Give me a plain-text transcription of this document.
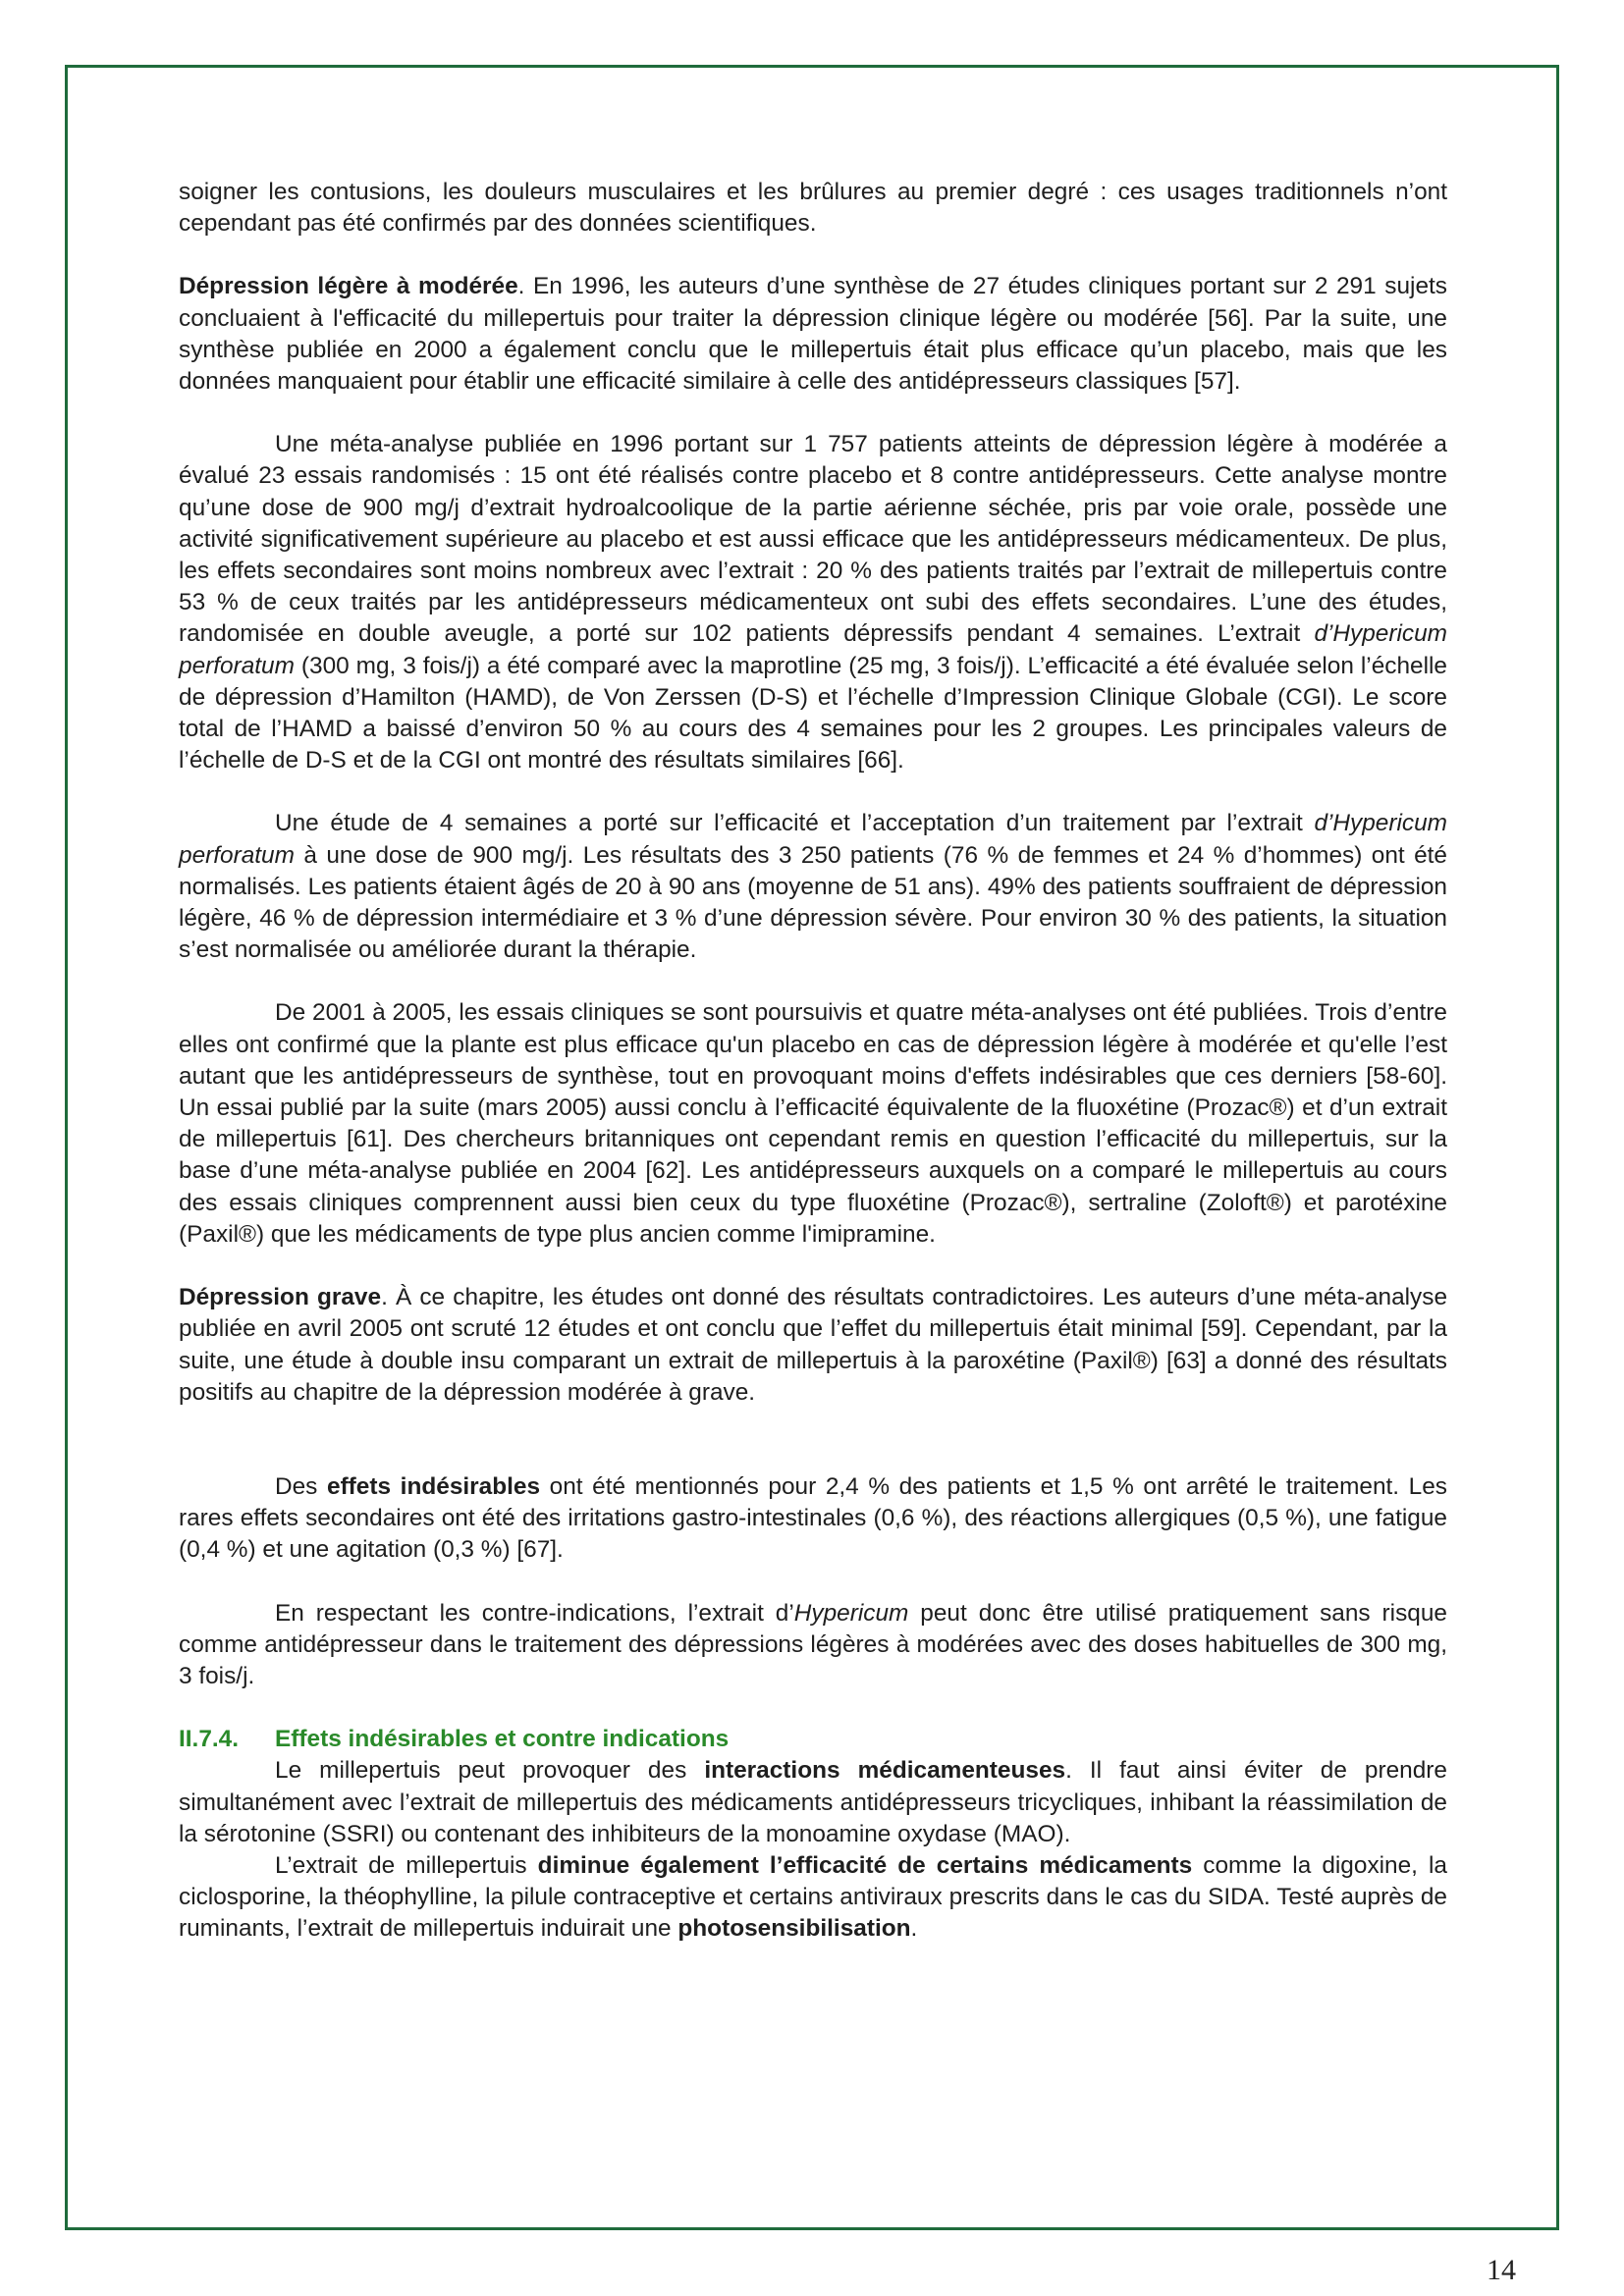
soigner les contusions, les douleurs musculaires et les brûlures au premier degré : ces usages traditionnels n’ont cependant pas été confirmés par des données scientifiques.

Dépression légère à modérée. En 1996, les auteurs d’une synthèse de 27 études cliniques portant sur 2 291 sujets concluaient à l'efficacité du millepertuis pour traiter la dépression clinique légère ou modérée [56]. Par la suite, une synthèse publiée en 2000 a également conclu que le millepertuis était plus efficace qu’un placebo, mais que les données manquaient pour établir une efficacité similaire à celle des antidépresseurs classiques [57].

Une méta-analyse publiée en 1996 portant sur 1 757 patients atteints de dépression légère à modérée a évalué 23 essais randomisés : 15 ont été réalisés contre placebo et 8 contre antidépresseurs. Cette analyse montre qu’une dose de 900 mg/j d’extrait hydroalcoolique de la partie aérienne séchée, pris par voie orale, possède une activité significativement supérieure au placebo et est aussi efficace que les antidépresseurs médicamenteux. De plus, les effets secondaires sont moins nombreux avec l’extrait : 20 % des patients traités par l’extrait de millepertuis contre 53 % de ceux traités par les antidépresseurs médicamenteux ont subi des effets secondaires. L’une des études, randomisée en double aveugle, a porté sur 102 patients dépressifs pendant 4 semaines. L’extrait d’Hypericum perforatum (300 mg, 3 fois/j) a été comparé avec la maprotline (25 mg, 3 fois/j). L’efficacité a été évaluée selon l’échelle de dépression d’Hamilton (HAMD), de Von Zerssen (D-S) et l’échelle d’Impression Clinique Globale (CGI). Le score total de l’HAMD a baissé d’environ 50 % au cours des 4 semaines pour les 2 groupes. Les principales valeurs de l’échelle de D-S et de la CGI ont montré des résultats similaires [66].

Une étude de 4 semaines a porté sur l’efficacité et l’acceptation d’un traitement par l’extrait d’Hypericum perforatum à une dose de 900 mg/j. Les résultats des 3 250 patients (76 % de femmes et 24 % d’hommes) ont été normalisés. Les patients étaient âgés de 20 à 90 ans (moyenne de 51 ans). 49% des patients souffraient de dépression légère, 46 % de dépression intermédiaire et 3 % d’une dépression sévère. Pour environ 30 % des patients, la situation s’est normalisée ou améliorée durant la thérapie.

De 2001 à 2005, les essais cliniques se sont poursuivis et quatre méta-analyses ont été publiées. Trois d’entre elles ont confirmé que la plante est plus efficace qu'un placebo en cas de dépression légère à modérée et qu'elle l’est autant que les antidépresseurs de synthèse, tout en provoquant moins d'effets indésirables que ces derniers [58-60]. Un essai publié par la suite (mars 2005) aussi conclu à l’efficacité équivalente de la fluoxétine (Prozac®) et d’un extrait de millepertuis [61]. Des chercheurs britanniques ont cependant remis en question l’efficacité du millepertuis, sur la base d’une méta-analyse publiée en 2004 [62]. Les antidépresseurs auxquels on a comparé le millepertuis au cours des essais cliniques comprennent aussi bien ceux du type fluoxétine (Prozac®), sertraline (Zoloft®) et parotéxine (Paxil®) que les médicaments de type plus ancien comme l'imipramine.

Dépression grave. À ce chapitre, les études ont donné des résultats contradictoires. Les auteurs d’une méta-analyse publiée en avril 2005 ont scruté 12 études et ont conclu que l’effet du millepertuis était minimal [59]. Cependant, par la suite, une étude à double insu comparant un extrait de millepertuis à la paroxétine (Paxil®) [63] a donné des résultats positifs au chapitre de la dépression modérée à grave.

Des effets indésirables ont été mentionnés pour 2,4 % des patients et 1,5 % ont arrêté le traitement. Les rares effets secondaires ont été des irritations gastro-intestinales (0,6 %), des réactions allergiques (0,5 %), une fatigue (0,4 %) et une agitation (0,3 %) [67].

En respectant les contre-indications, l’extrait d’Hypericum peut donc être utilisé pratiquement sans risque comme antidépresseur dans le traitement des dépressions légères à modérées avec des doses habituelles de 300 mg, 3 fois/j.

II.7.4. Effets indésirables et contre indications

Le millepertuis peut provoquer des interactions médicamenteuses. Il faut ainsi éviter de prendre simultanément avec l’extrait de millepertuis des médicaments antidépresseurs tricycliques, inhibant la réassimilation de la sérotonine (SSRI) ou contenant des inhibiteurs de la monoamine oxydase (MAO).

L’extrait de millepertuis diminue également l’efficacité de certains médicaments comme la digoxine, la ciclosporine, la théophylline, la pilule contraceptive et certains antiviraux prescrits dans le cas du SIDA. Testé auprès de ruminants, l’extrait de millepertuis induirait une photosensibilisation.

14
